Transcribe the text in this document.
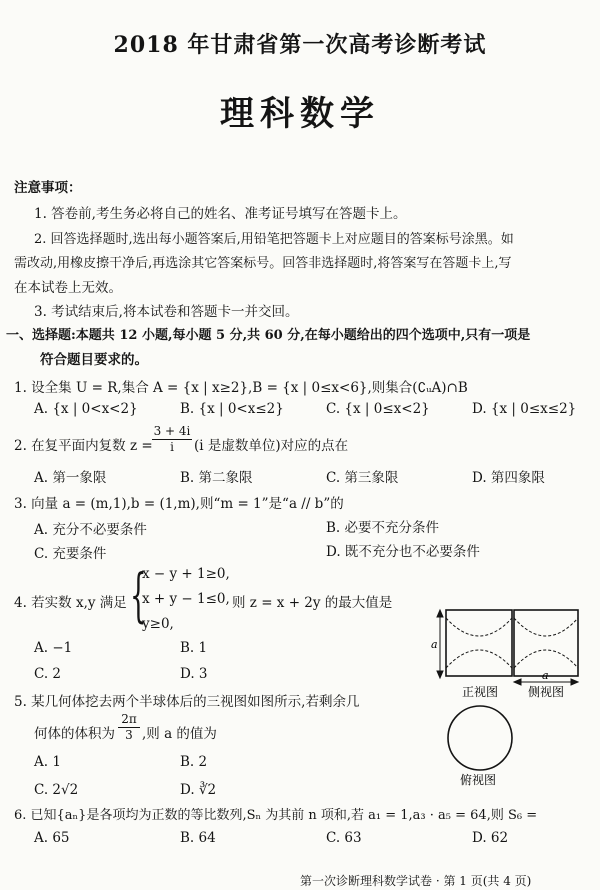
2018 年甘肃省第一次高考诊断考试
理科数学
注意事项：
1. 答卷前,考生务必将自己的姓名、准考证号填写在答题卡上。
2. 回答选择题时,选出每小题答案后,用铅笔把答题卡上对应题目的答案标号涂黑。如
需改动,用橡皮擦干净后,再选涂其它答案标号。回答非选择题时,将答案写在答题卡上,写
在本试卷上无效。
3. 考试结束后,将本试卷和答题卡一并交回。
一、选择题:本题共 12 小题,每小题 5 分,共 60 分,在每小题给出的四个选项中,只有一项是
符合题目要求的。
1. 设全集 U = R,集合 A = {x | x≥2},B = {x | 0≤x<6},则集合(∁ᵤA)∩B
A. {x | 0<x<2}	B. {x | 0<x≤2}	C. {x | 0≤x<2}	D. {x | 0≤x≤2}
2. 在复平面内复数 $z = \frac{3 + 4i}{i} (i$ 是虚数单位)对应的点在
A. 第一象限	B. 第二象限	C. 第三象限	D. 第四象限
3. 向量 a = (m,1),b = (1,m),则“m = 1”是“a // b”的
A. 充分不必要条件	B. 必要不充分条件
C. 充要条件	D. 既不充分也不必要条件
4. 若实数 x,y 满足 {
x − y + 1≥0,
x + y − 1≤0,
y≥0,
则 z = x + 2y 的最大值是
A. −1	B. 1
C. 2	D. 3
5. 某几何体挖去两个半球体后的三视图如图所示,若剩余几
何体的体积为 $\frac{2\pi}{3}$ ,则 a 的值为
A. 1	B. 2
C. 2√2	D. ∛2
a
a
正视图 侧视图
俯视图
6. 已知{aₙ}是各项均为正数的等比数列,Sₙ 为其前 n 项和,若 a₁ = 1,a₃ · a₅ = 64,则 S₆ =
A. 65	B. 64	C. 63	D. 62
第一次诊断理科数学试卷 · 第 1 页(共 4 页)
